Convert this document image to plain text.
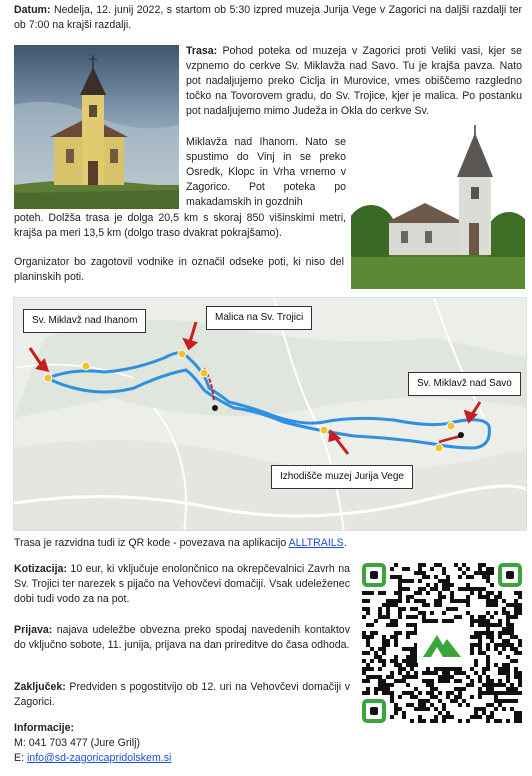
Datum: Nedelja, 12. junij 2022, s startom ob 5:30 izpred muzeja Jurija Vege v Zagorici na daljši razdalji ter ob 7:00 na krajši razdalji.

Trasa: Pohod poteka od muzeja v Zagorici proti Veliki vasi, kjer se vzpnemo do cerkve Sv. Miklavža nad Savo. Tu je krajša pavza. Nato pot nadaljujemo preko Ciclja in Murovice, vmes obiščemo razgledno točko na Tovorovem gradu, do Sv. Trojice, kjer je malica. Po postanku pot nadaljujemo mimo Judeža in Okla do cerkve Sv.

Miklavža nad Ihanom. Nato se spustimo do Vinj in se preko Osredk, Klopc in Vrha vrnemo v Zagorico. Pot poteka po makadamskih in gozdnih

poteh. Dolžša trasa je dolga 20,5 km s skoraj 850 višinskimi metri, krajša pa meri 13,5 km (dolgo traso dvakrat pokrajšamo).

Organizator bo zagotovil vodnike in označil odseke poti, ki niso del planinskih poti.

Sv. Miklavž nad Ihanom	Malica na Sv. Trojici
Sv. Miklavž nad Savo
Izhodišče muzej Jurija Vege

Trasa je razvidna tudi iz QR kode - povezava na aplikacijo ALLTRAILS.

Kotizacija: 10 eur, ki vključuje enolončnico na okrepčevalnici Zavrh na Sv. Trojici ter narezek s pijačo na Vehovčevi domačiji. Vsak udeleženec dobi tudi vodo za na pot.

Prijava: najava udeležbe obvezna preko spodaj navedenih kontaktov do vključno sobote, 11. junija, prijava na dan prireditve do časa odhoda.

Zaključek: Predviden s pogostitvijo ob 12. uri na Vehovčevi domačiji v Zagorici.

Informacije:
M: 041 703 477 (Jure Grilj)
E: info@sd-zagoricapridolskem.si
